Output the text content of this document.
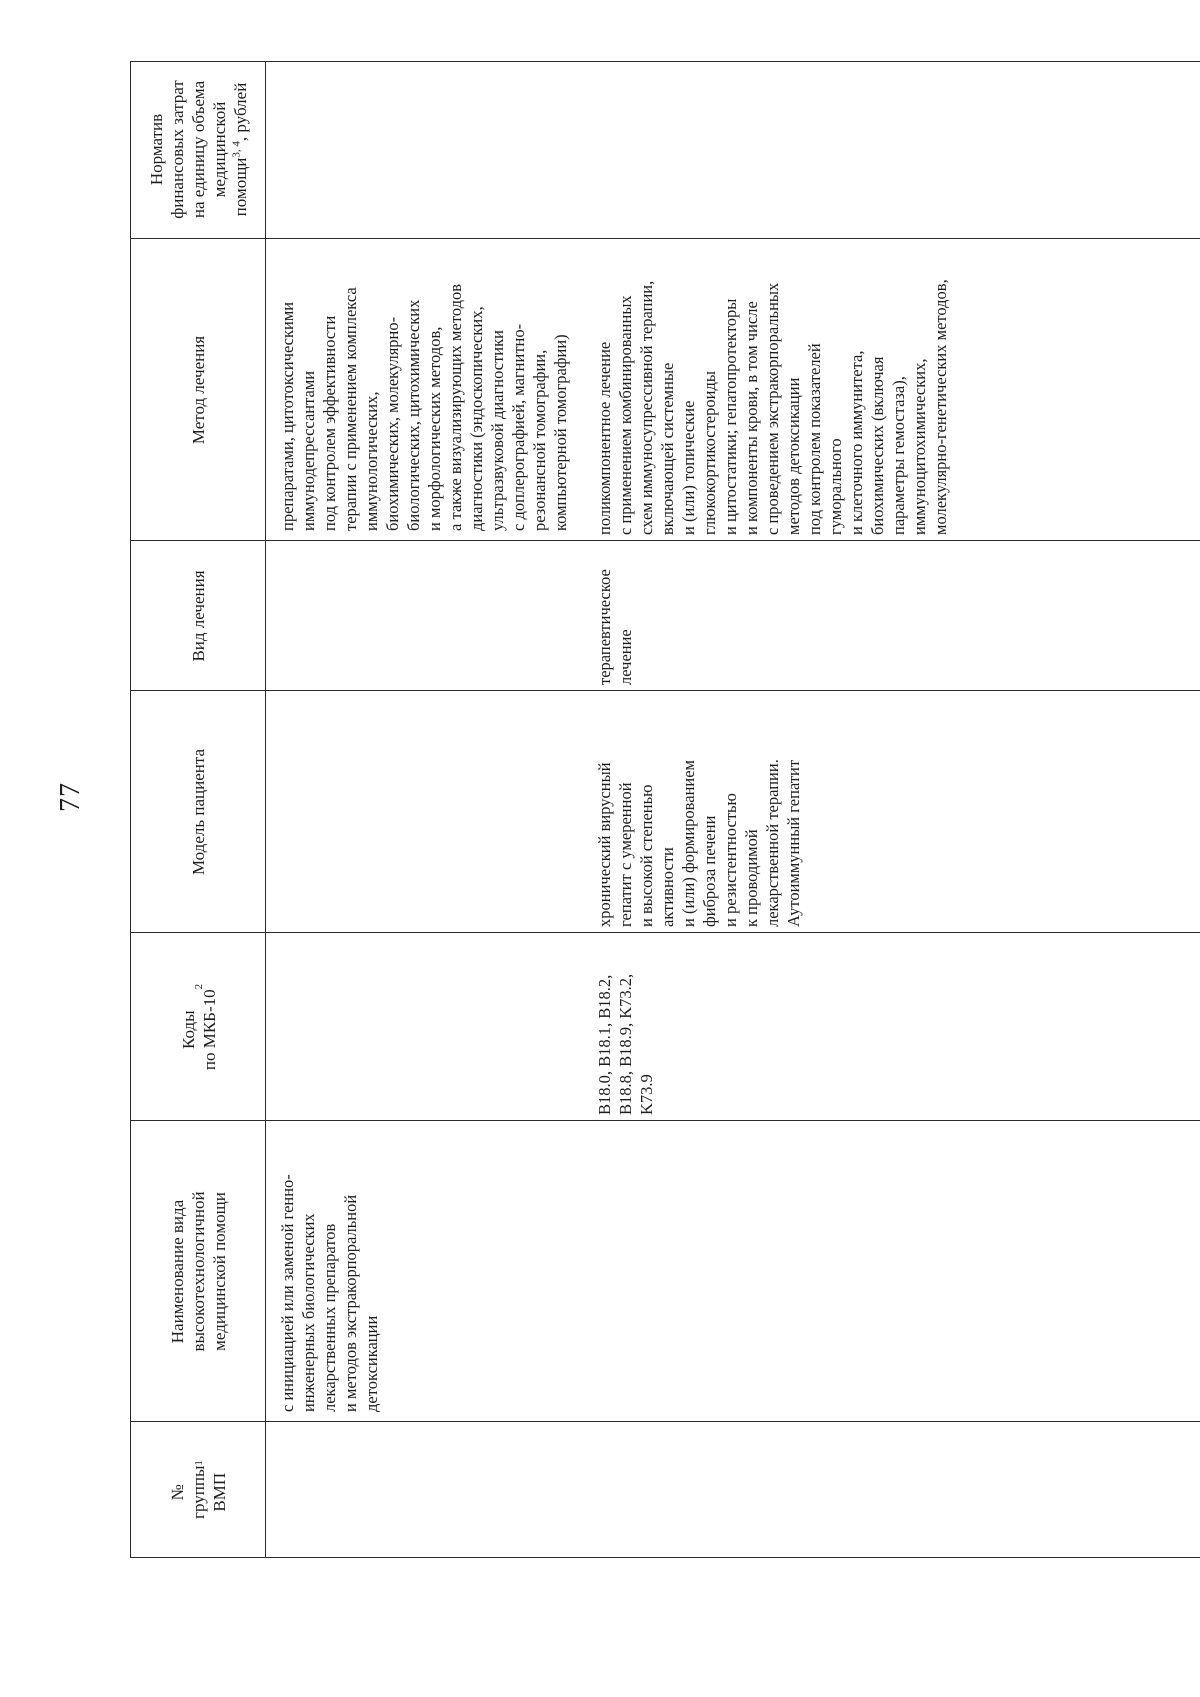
77
№
группы
ВМП
1
Наименование вида
высокотехнологичной
медицинской помощи
Коды
по МКБ-10
2
Модель пациента
Вид лечения
Метод лечения
Норматив
финансовых затрат
на единицу объема
медицинской
помощи$^{3, 4}$, рублей
с инициацией или заменой генно-
инженерных биологических
лекарственных препаратов
и методов экстракорпоральной
детоксикации
препаратами, цитотоксическими
иммунодепрессантами
под контролем эффективности
терапии с применением комплекса
иммунологических,
биохимических, молекулярно-
биологических, цитохимических
и морфологических методов,
а также визуализирующих методов
диагностики (эндоскопических,
ультразвуковой диагностики
с доплерографией, магнитно-
резонансной томографии,
компьютерной томографии)
B18.0, B18.1, B18.2,
B18.8, B18.9, K73.2,
K73.9
хронический вирусный
гепатит с умеренной
и высокой степенью
активности
и (или) формированием
фиброза печени
и резистентностью
к проводимой
лекарственной терапии.
Аутоиммунный гепатит
терапевтическое
лечение
поликомпонентное лечение
с применением комбинированных
схем иммуносупрессивной терапии,
включающей системные
и (или) топические
глюкокортикостероиды
и цитостатики; гепатопротекторы
и компоненты крови, в том числе
с проведением экстракорпоральных
методов детоксикации
под контролем показателей
гуморального
и клеточного иммунитета,
биохимических (включая
параметры гемостаза),
иммуноцитохимических,
молекулярно-генетических методов,
